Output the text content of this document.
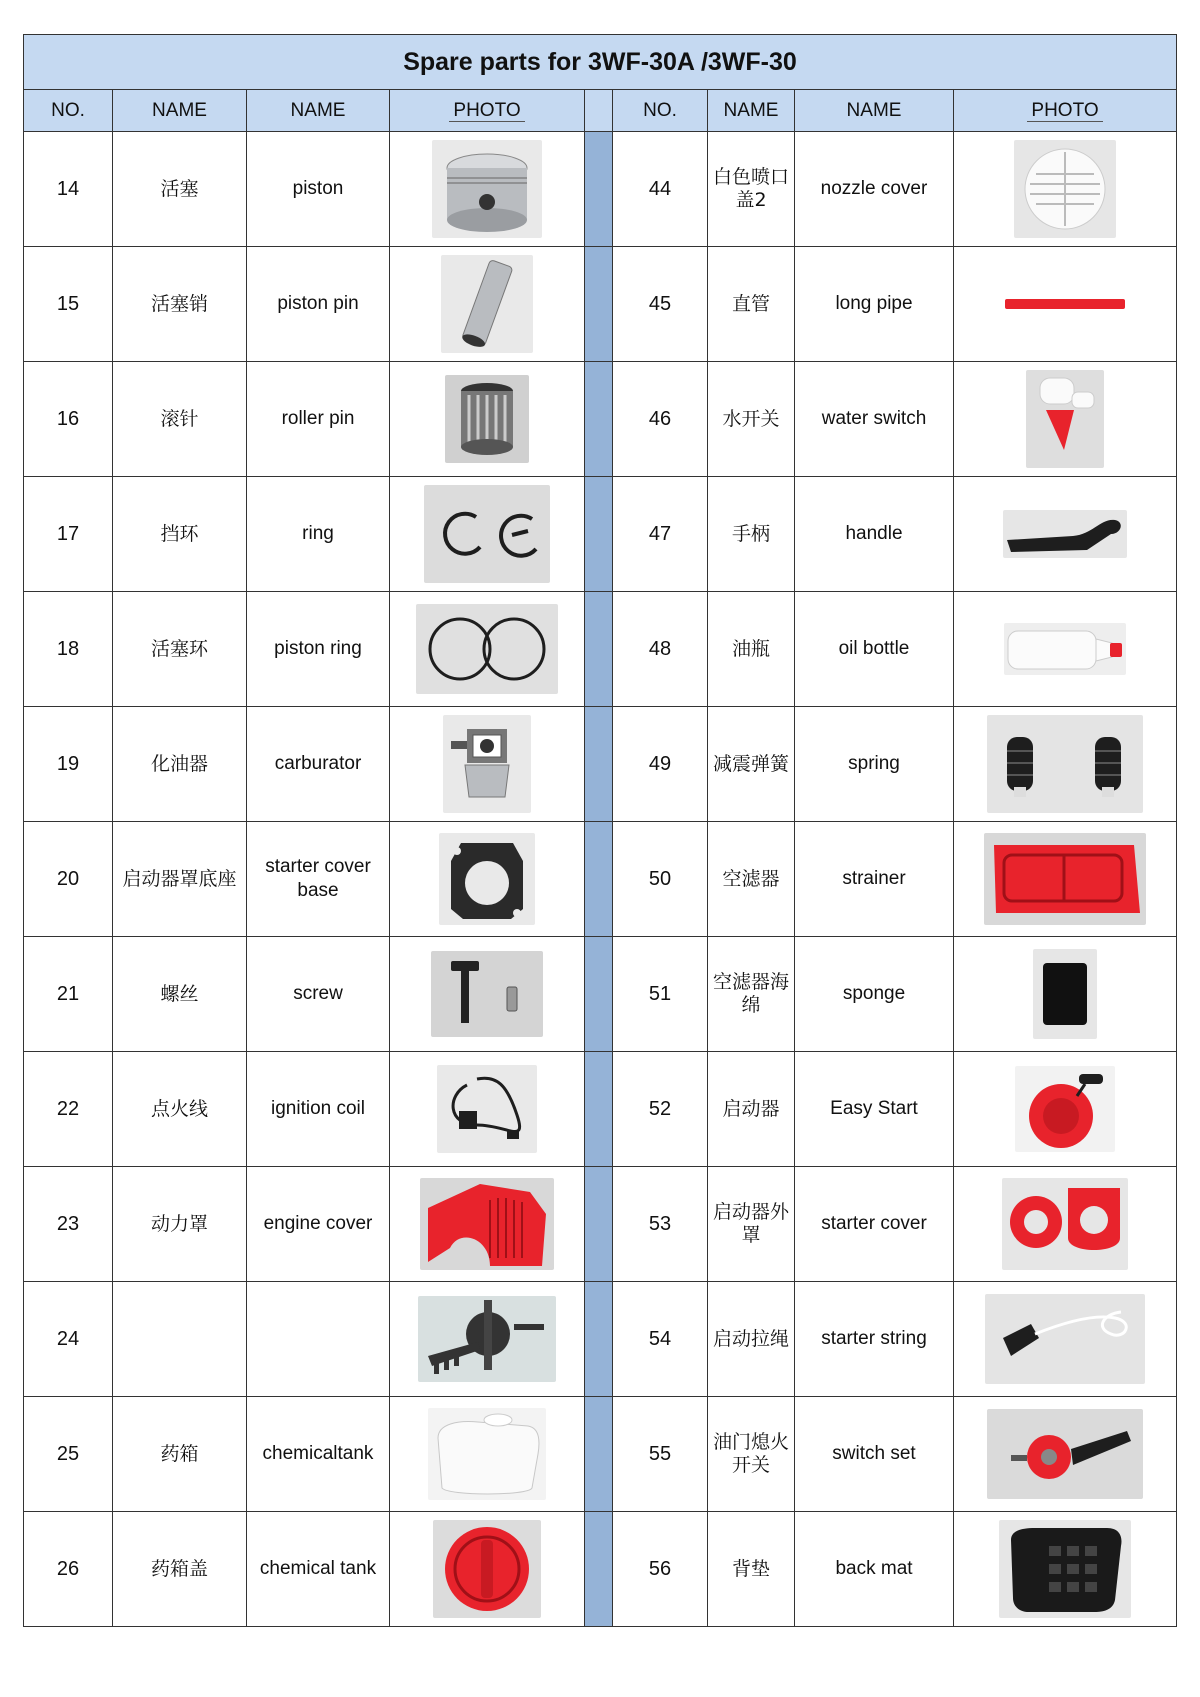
Spare parts for 3WF-30A /3WF-30								
NO.	NAME	NAME	PHOTO		NO.	NAME	NAME	PHOTO
14	活塞	piston			44	白色喷口盖2	nozzle cover	

15	活塞销	piston pin			45	直管	long pipe	

16	滚针	roller pin			46	水开关	water switch	

17	挡环	ring			47	手柄	handle	

18	活塞环	piston ring			48	油瓶	oil bottle	

19	化油器	carburator			49	减震弹簧	spring	

20	启动器罩底座	starter cover base			50	空滤器	strainer	

21	螺丝	screw			51	空滤器海绵	sponge	

22	点火线	ignition coil			52	启动器	Easy Start	

23	动力罩	engine cover			53	启动器外罩	starter cover	

24					54	启动拉绳	starter string	

25	药箱	chemicaltank			55	油门熄火开关	switch set	

26	药箱盖	chemical tank			56	背垫	back mat	
